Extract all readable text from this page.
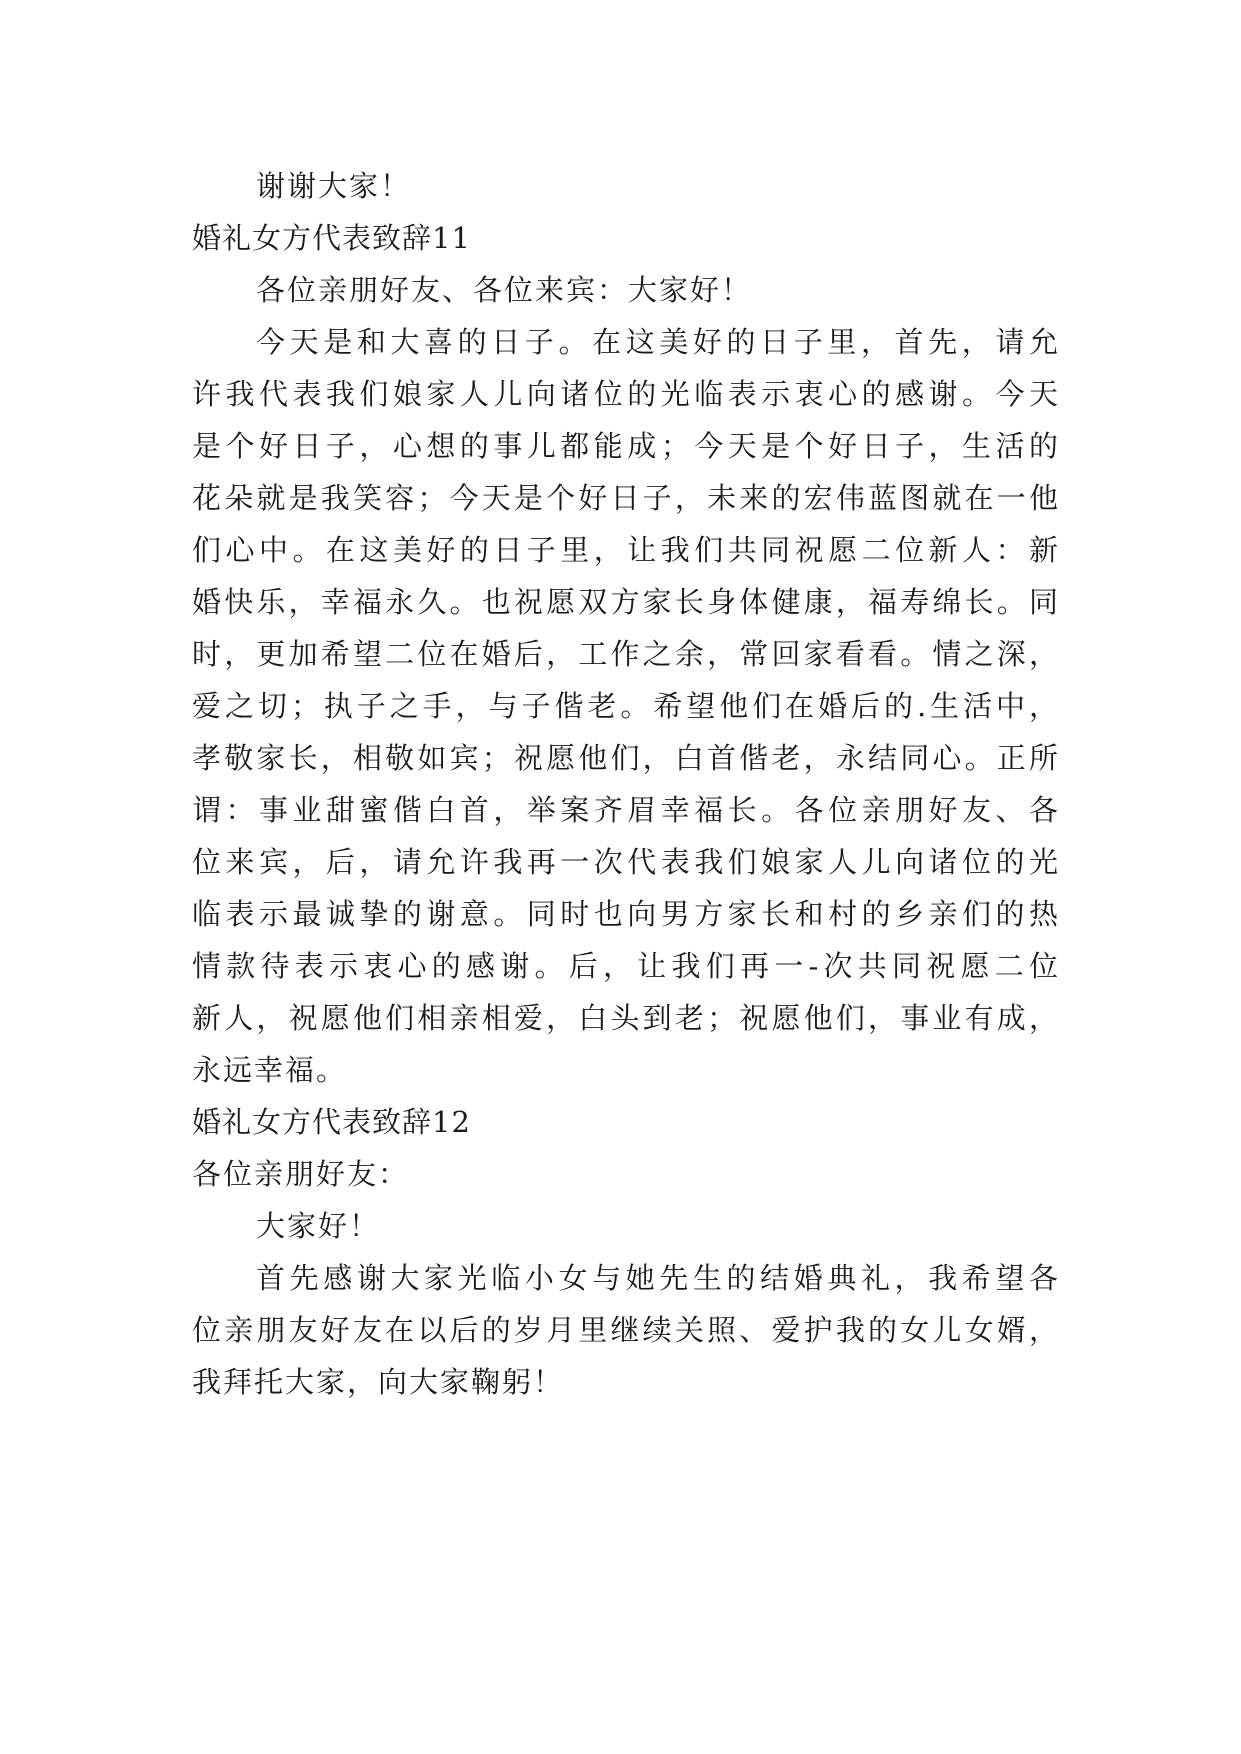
谢谢大家！

婚礼女方代表致辞11

各位亲朋好友、各位来宾：大家好！

今天是和大喜的日子。在这美好的日子里，首先，请允

许我代表我们娘家人儿向诸位的光临表示衷心的感谢。今天

是个好日子，心想的事儿都能成；今天是个好日子，生活的

花朵就是我笑容；今天是个好日子，未来的宏伟蓝图就在一他

们心中。在这美好的日子里，让我们共同祝愿二位新人：新

婚快乐，幸福永久。也祝愿双方家长身体健康，福寿绵长。同

时，更加希望二位在婚后，工作之余，常回家看看。情之深，

爱之切；执子之手，与子偕老。希望他们在婚后的.生活中，

孝敬家长，相敬如宾；祝愿他们，白首偕老，永结同心。正所

谓：事业甜蜜偕白首，举案齐眉幸福长。各位亲朋好友、各

位来宾，后，请允许我再一次代表我们娘家人儿向诸位的光

临表示最诚挚的谢意。同时也向男方家长和村的乡亲们的热

情款待表示衷心的感谢。后，让我们再一-次共同祝愿二位

新人，祝愿他们相亲相爱，白头到老；祝愿他们，事业有成，

永远幸福。

婚礼女方代表致辞12

各位亲朋好友：

大家好！

首先感谢大家光临小女与她先生的结婚典礼，我希望各

位亲朋友好友在以后的岁月里继续关照、爱护我的女儿女婿，

我拜托大家，向大家鞠躬！
